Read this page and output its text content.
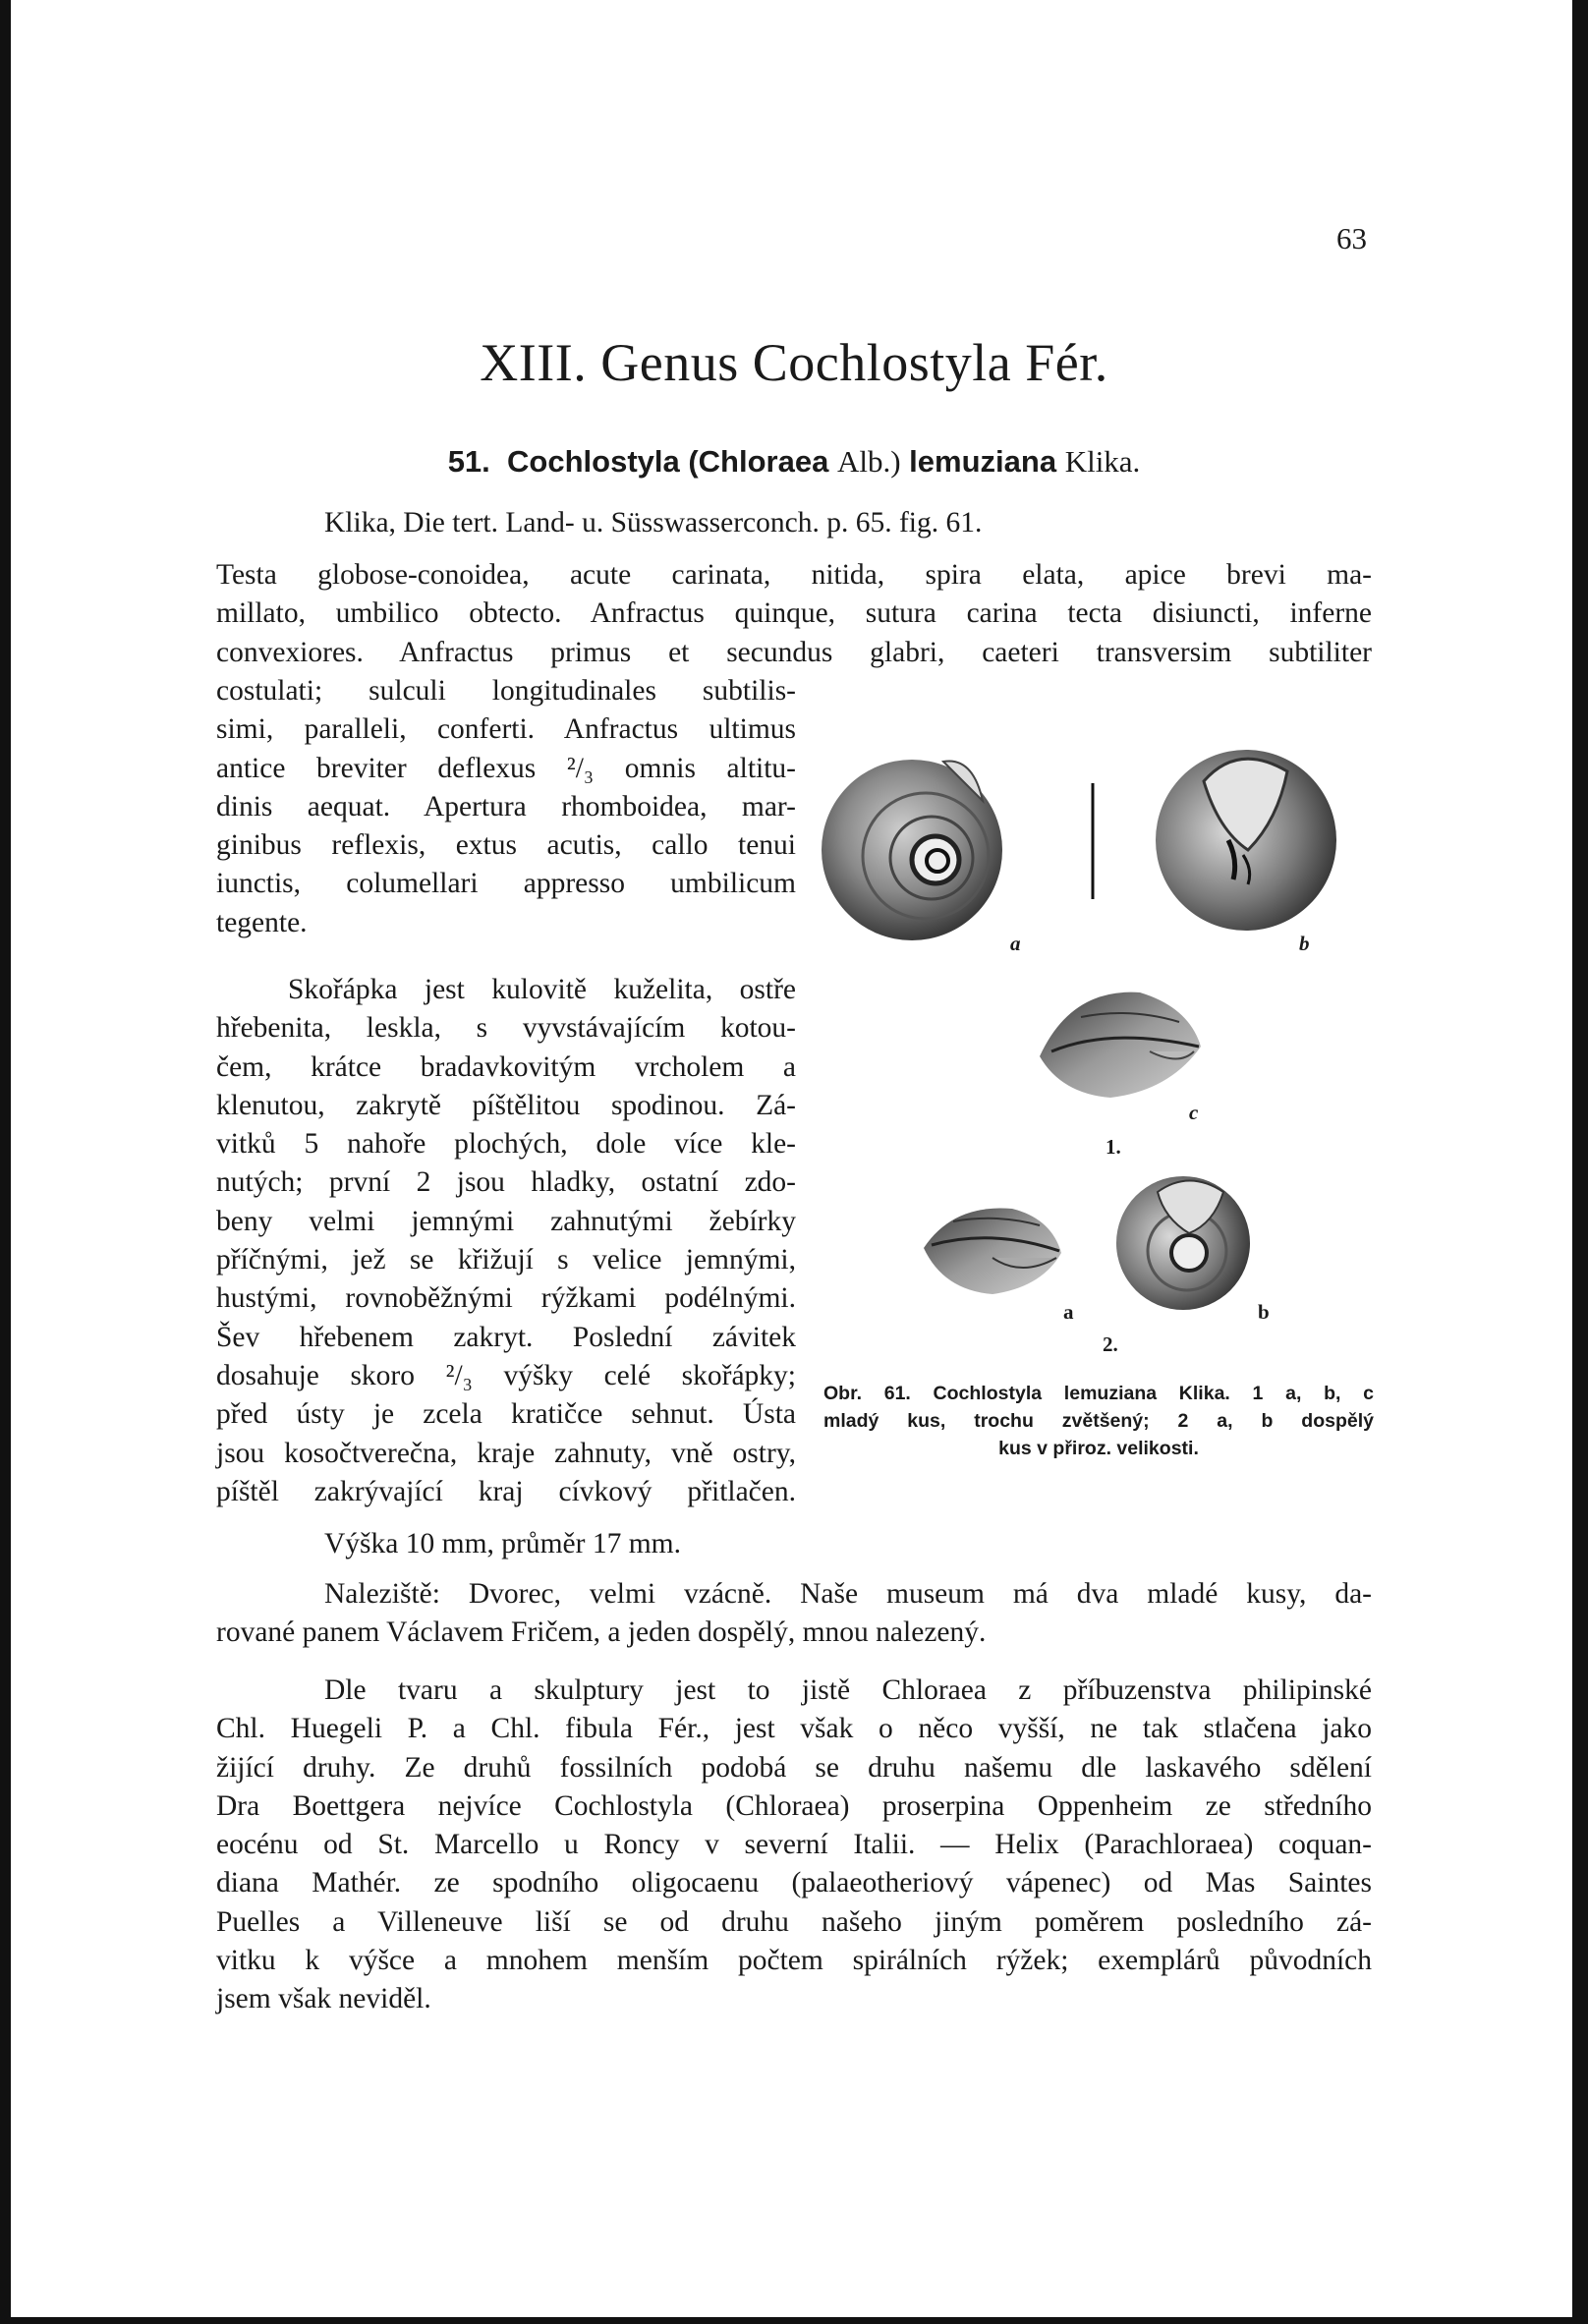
63
XIII. Genus Cochlostyla Fér.
51. Cochlostyla (Chloraea Alb.) lemuziana Klika.
Klika, Die tert. Land- u. Süsswasserconch. p. 65. fig. 61.

Testa globose-conoidea, acute carinata, nitida, spira elata, apice brevi ma-
millato, umbilico obtecto. Anfractus quinque, sutura carina tecta disiuncti, inferne
convexiores. Anfractus primus et secundus glabri, caeteri transversim subtiliter

costulati; sulculi longitudinales subtilis-
simi, paralleli, conferti. Anfractus ultimus
antice breviter deflexus ²/₃ omnis altitu-
dinis aequat. Apertura rhomboidea, mar-
ginibus reflexis, extus acutis, callo tenui
iunctis, columellari appresso umbilicum
tegente.

Skořápka jest kulovitě kuželita, ostře
hřebenita, leskla, s vyvstávajícím kotou-
čem, krátce bradavkovitým vrcholem a
klenutou, zakrytě píštělitou spodinou. Zá-
vitků 5 nahoře plochých, dole více kle-
nutých; první 2 jsou hladky, ostatní zdo-
beny velmi jemnými zahnutými žebírky
příčnými, jež se křižují s velice jemnými,
hustými, rovnoběžnými rýžkami podélnými.
Šev hřebenem zakryt. Poslední závitek
dosahuje skoro ²/₃ výšky celé skořápky;
před ústy je zcela kratičce sehnut. Ústa
jsou kosočtverečna, kraje zahnuty, vně ostry,
píštěl zakrývající kraj cívkový přitlačen.

Výška 10 mm, průměr 17 mm.

Naleziště: Dvorec, velmi vzácně. Naše museum má dva mladé kusy, da-
rované panem Václavem Fričem, a jeden dospělý, mnou nalezený.

Dle tvaru a skulptury jest to jistě Chloraea z příbuzenstva philipinské
Chl. Huegeli P. a Chl. fibula Fér., jest však o něco vyšší, ne tak stlačena jako
žijící druhy. Ze druhů fossilních podobá se druhu našemu dle laskavého sdělení
Dra Boettgera nejvíce Cochlostyla (Chloraea) proserpina Oppenheim ze středního
eocénu od St. Marcello u Roncy v severní Italii. — Helix (Parachloraea) coquan-
diana Mathér. ze spodního oligocaenu (palaeotheriový vápenec) od Mas Saintes
Puelles a Villeneuve liší se od druhu našeho jiným poměrem posledního zá-
vitku k výšce a mnohem menším počtem spirálních rýžek; exemplárů původních
jsem však neviděl.

a	b
c
1.
a	b
2.
Obr. 61. Cochlostyla lemuziana Klika. 1 a, b, c
mladý kus, trochu zvětšený; 2 a, b dospělý
kus v přiroz. velikosti.
